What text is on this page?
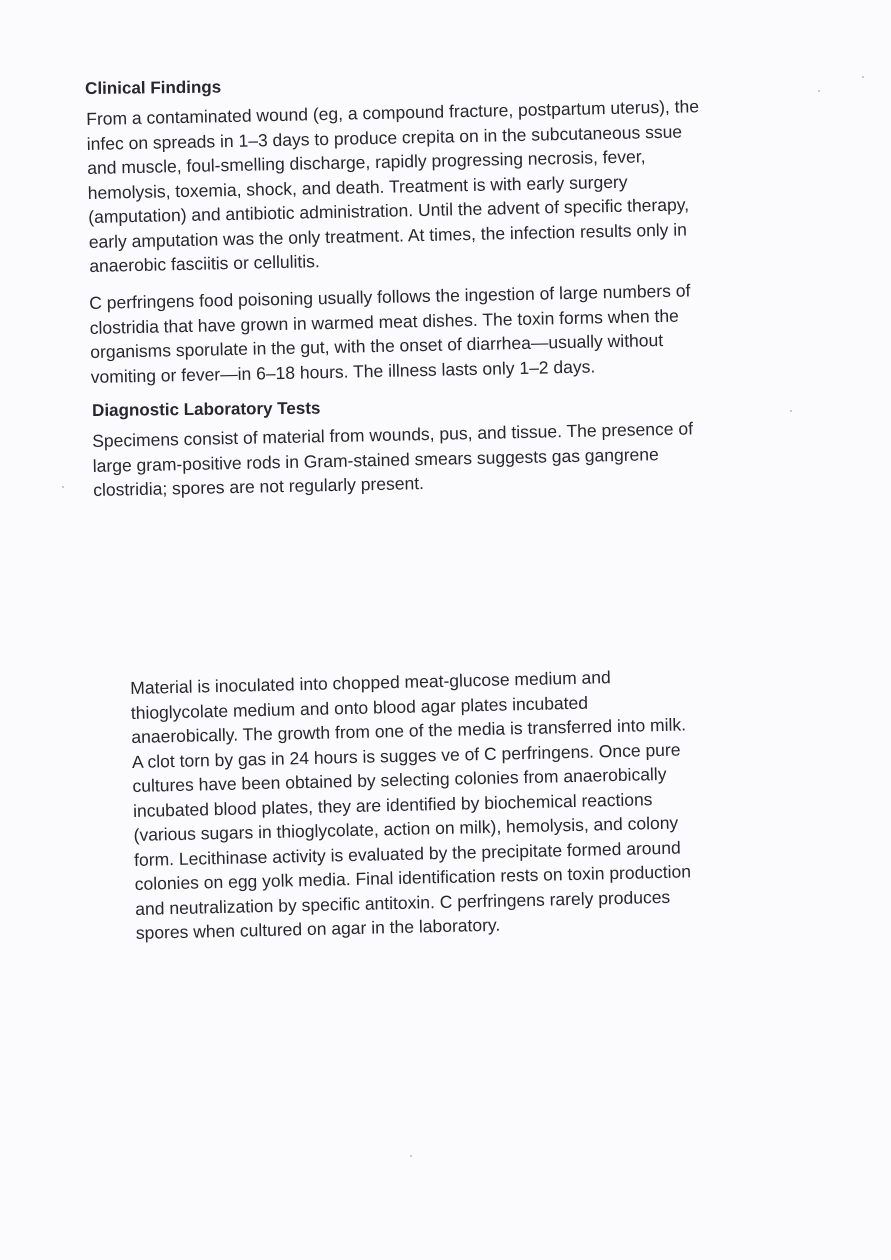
Clinical Findings

From a contaminated wound (eg, a compound fracture, postpartum uterus), the
infec on spreads in 1–3 days to produce crepita on in the subcutaneous ssue
and muscle, foul-smelling discharge, rapidly progressing necrosis, fever,
hemolysis, toxemia, shock, and death. Treatment is with early surgery
(amputation) and antibiotic administration. Until the advent of specific therapy,
early amputation was the only treatment. At times, the infection results only in
anaerobic fasciitis or cellulitis.

C perfringens food poisoning usually follows the ingestion of large numbers of
clostridia that have grown in warmed meat dishes. The toxin forms when the
organisms sporulate in the gut, with the onset of diarrhea—usually without
vomiting or fever—in 6–18 hours. The illness lasts only 1–2 days.

Diagnostic Laboratory Tests

Specimens consist of material from wounds, pus, and tissue. The presence of
large gram-positive rods in Gram-stained smears suggests gas gangrene
clostridia; spores are not regularly present.

Material is inoculated into chopped meat-glucose medium and
thioglycolate medium and onto blood agar plates incubated
anaerobically. The growth from one of the media is transferred into milk.
A clot torn by gas in 24 hours is sugges ve of C perfringens. Once pure
cultures have been obtained by selecting colonies from anaerobically
incubated blood plates, they are identified by biochemical reactions
(various sugars in thioglycolate, action on milk), hemolysis, and colony
form. Lecithinase activity is evaluated by the precipitate formed around
colonies on egg yolk media. Final identification rests on toxin production
and neutralization by specific antitoxin. C perfringens rarely produces
spores when cultured on agar in the laboratory.
